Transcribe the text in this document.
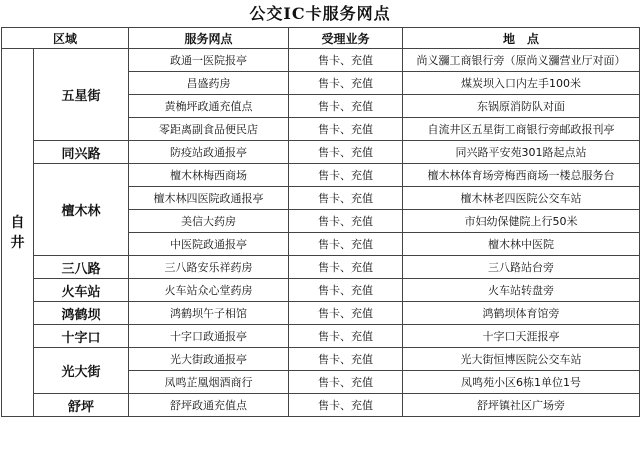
公交IC卡服务网点
区域		服务网点	受理业务	地　点
自井	五星街	政通一医院报亭	售卡、充值	尚义瀰工商银行旁（原尚义瀰营业厅对面）
		昌盛药房	售卡、充值	煤炭坝入口内左手100米
		黄桷坪政通充值点	售卡、充值	东锅原消防队对面
		零距离副食品便民店	售卡、充值	自流井区五星街工商银行旁邮政报刊亭
	同兴路	防疫站政通报亭	售卡、充值	同兴路平安苑301路起点站
	檀木林	檀木林梅西商场	售卡、充值	檀木林体育场旁梅西商场一楼总服务台
		檀木林四医院政通报亭	售卡、充值	檀木林老四医院公交车站
		美信大药房	售卡、充值	市妇幼保健院上行50米
		中医院政通报亭	售卡、充值	檀木林中医院
	三八路	三八路安乐祥药房	售卡、充值	三八路站台旁
	火车站	火车站众心堂药房	售卡、充值	火车站转盘旁
	鸿鹤坝	鸿鹤坝午子相馆	售卡、充值	鸿鹤坝体育馆旁
	十字口	十字口政通报亭	售卡、充值	十字口天涯报亭
	光大街	光大街政通报亭	售卡、充值	光大街恒博医院公交车站
		凤鸣芷凰烟酒商行	售卡、充值	凤鸣苑小区6栋1单位1号
	舒坪	舒坪政通充值点	售卡、充值	舒坪镇社区广场旁
